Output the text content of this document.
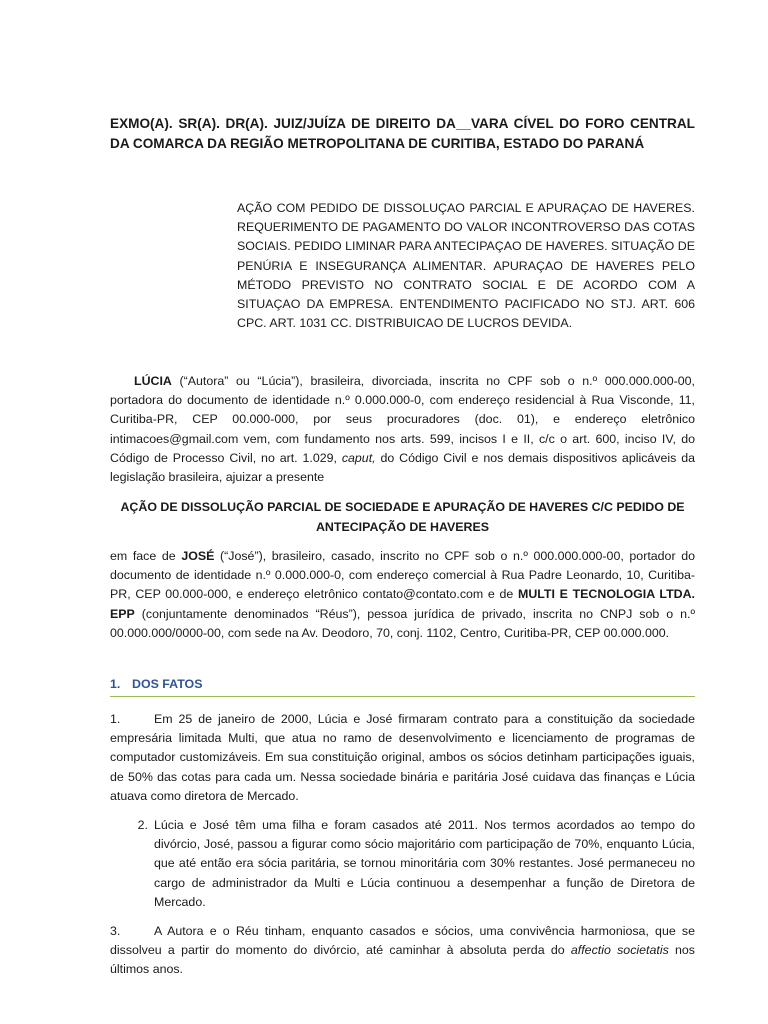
EXMO(A). SR(A). DR(A). JUIZ/JUÍZA DE DIREITO DA__VARA CÍVEL DO FORO CENTRAL DA COMARCA DA REGIÃO METROPOLITANA DE CURITIBA, ESTADO DO PARANÁ

AÇÃO COM PEDIDO DE DISSOLUÇAO PARCIAL E APURAÇAO DE HAVERES. REQUERIMENTO DE PAGAMENTO DO VALOR INCONTROVERSO DAS COTAS SOCIAIS. PEDIDO LIMINAR PARA ANTECIPAÇAO DE HAVERES. SITUAÇÃO DE PENÚRIA E INSEGURANÇA ALIMENTAR. APURAÇAO DE HAVERES PELO MÉTODO PREVISTO NO CONTRATO SOCIAL E DE ACORDO COM A SITUAÇAO DA EMPRESA. ENTENDIMENTO PACIFICADO NO STJ. ART. 606 CPC. ART. 1031 CC. DISTRIBUICAO DE LUCROS DEVIDA.

LÚCIA (“Autora” ou “Lúcia”), brasileira, divorciada, inscrita no CPF sob o n.º 000.000.000-00, portadora do documento de identidade n.º 0.000.000-0, com endereço residencial à Rua Visconde, 11, Curitiba-PR, CEP 00.000-000, por seus procuradores (doc. 01), e endereço eletrônico intimacoes@gmail.com vem, com fundamento nos arts. 599, incisos I e II, c/c o art. 600, inciso IV, do Código de Processo Civil, no art. 1.029, caput, do Código Civil e nos demais dispositivos aplicáveis da legislação brasileira, ajuizar a presente

AÇÃO DE DISSOLUÇÃO PARCIAL DE SOCIEDADE E APURAÇÃO DE HAVERES C/C PEDIDO DE ANTECIPAÇÃO DE HAVERES

em face de JOSÉ (“José”), brasileiro, casado, inscrito no CPF sob o n.º 000.000.000-00, portador do documento de identidade n.º 0.000.000-0, com endereço comercial à Rua Padre Leonardo, 10, Curitiba-PR, CEP 00.000-000, e endereço eletrônico contato@contato.com e de MULTI E TECNOLOGIA LTDA. EPP (conjuntamente denominados “Réus”), pessoa jurídica de privado, inscrita no CNPJ sob o n.º 00.000.000/0000-00, com sede na Av. Deodoro, 70, conj. 1102, Centro, Curitiba-PR, CEP 00.000.000.

1. DOS FATOS

1.	Em 25 de janeiro de 2000, Lúcia e José firmaram contrato para a constituição da sociedade empresária limitada Multi, que atua no ramo de desenvolvimento e licenciamento de programas de computador customizáveis. Em sua constituição original, ambos os sócios detinham participações iguais, de 50% das cotas para cada um. Nessa sociedade binária e paritária José cuidava das finanças e Lúcia atuava como diretora de Mercado.

2. Lúcia e José têm uma filha e foram casados até 2011. Nos termos acordados ao tempo do divórcio, José, passou a figurar como sócio majoritário com participação de 70%, enquanto Lúcia, que até então era sócia paritária, se tornou minoritária com 30% restantes. José permaneceu no cargo de administrador da Multi e Lúcia continuou a desempenhar a função de Diretora de Mercado.

3.	A Autora e o Réu tinham, enquanto casados e sócios, uma convivência harmoniosa, que se dissolveu a partir do momento do divórcio, até caminhar à absoluta perda do affectio societatis nos últimos anos.
